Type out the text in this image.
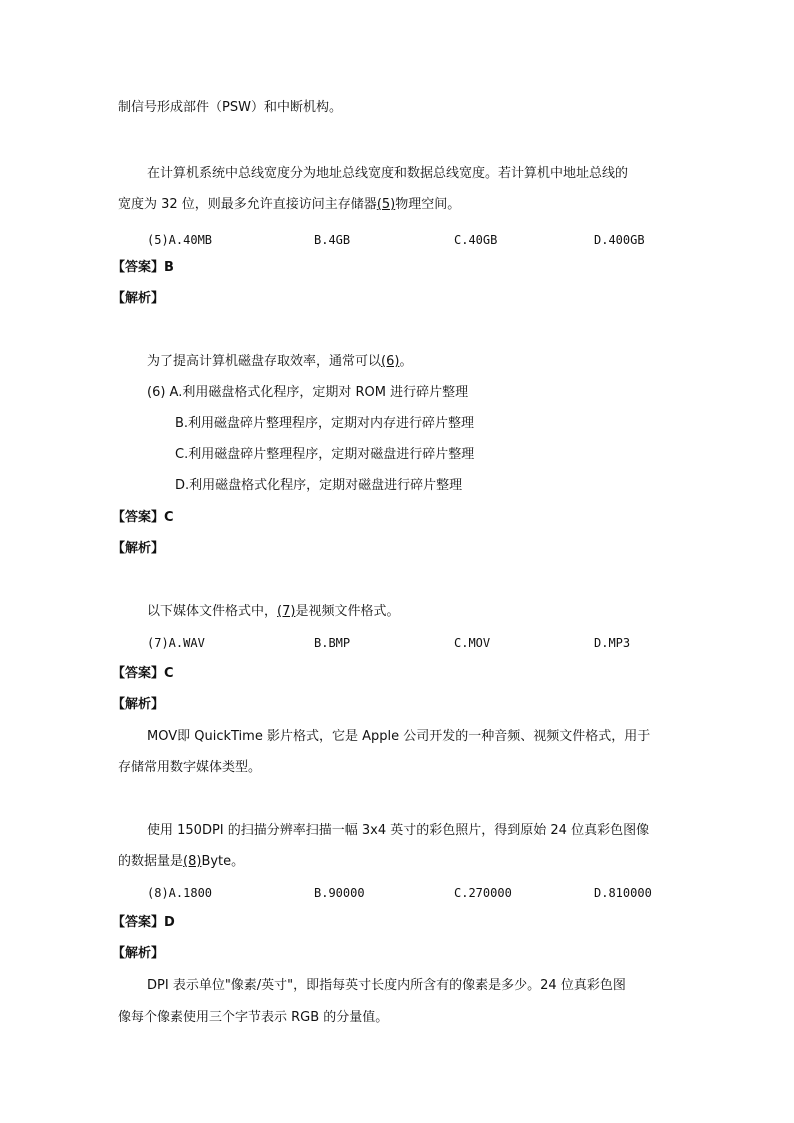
制信号形成部件（PSW）和中断机构。
在计算机系统中总线宽度分为地址总线宽度和数据总线宽度。若计算机中地址总线的
宽度为 32 位，则最多允许直接访问主存储器(5)物理空间。
(5)A.40MB	B.4GB	C.40GB	D.400GB
【答案】B
【解析】
为了提高计算机磁盘存取效率，通常可以(6)。
(6) A.利用磁盘格式化程序，定期对 ROM 进行碎片整理
B.利用磁盘碎片整理程序，定期对内存进行碎片整理
C.利用磁盘碎片整理程序，定期对磁盘进行碎片整理
D.利用磁盘格式化程序，定期对磁盘进行碎片整理
【答案】C
【解析】
以下媒体文件格式中，(7)是视频文件格式。
(7)A.WAV	B.BMP	C.MOV	D.MP3
【答案】C
【解析】
MOV即 QuickTime 影片格式，它是 Apple 公司开发的一种音频、视频文件格式，用于
存储常用数字媒体类型。
使用 150DPI 的扫描分辨率扫描一幅 3x4 英寸的彩色照片，得到原始 24 位真彩色图像
的数据量是(8)Byte。
(8)A.1800	B.90000	C.270000	D.810000
【答案】D
【解析】
DPI 表示单位"像素/英寸"，即指每英寸长度内所含有的像素是多少。24 位真彩色图
像每个像素使用三个字节表示 RGB 的分量值。
